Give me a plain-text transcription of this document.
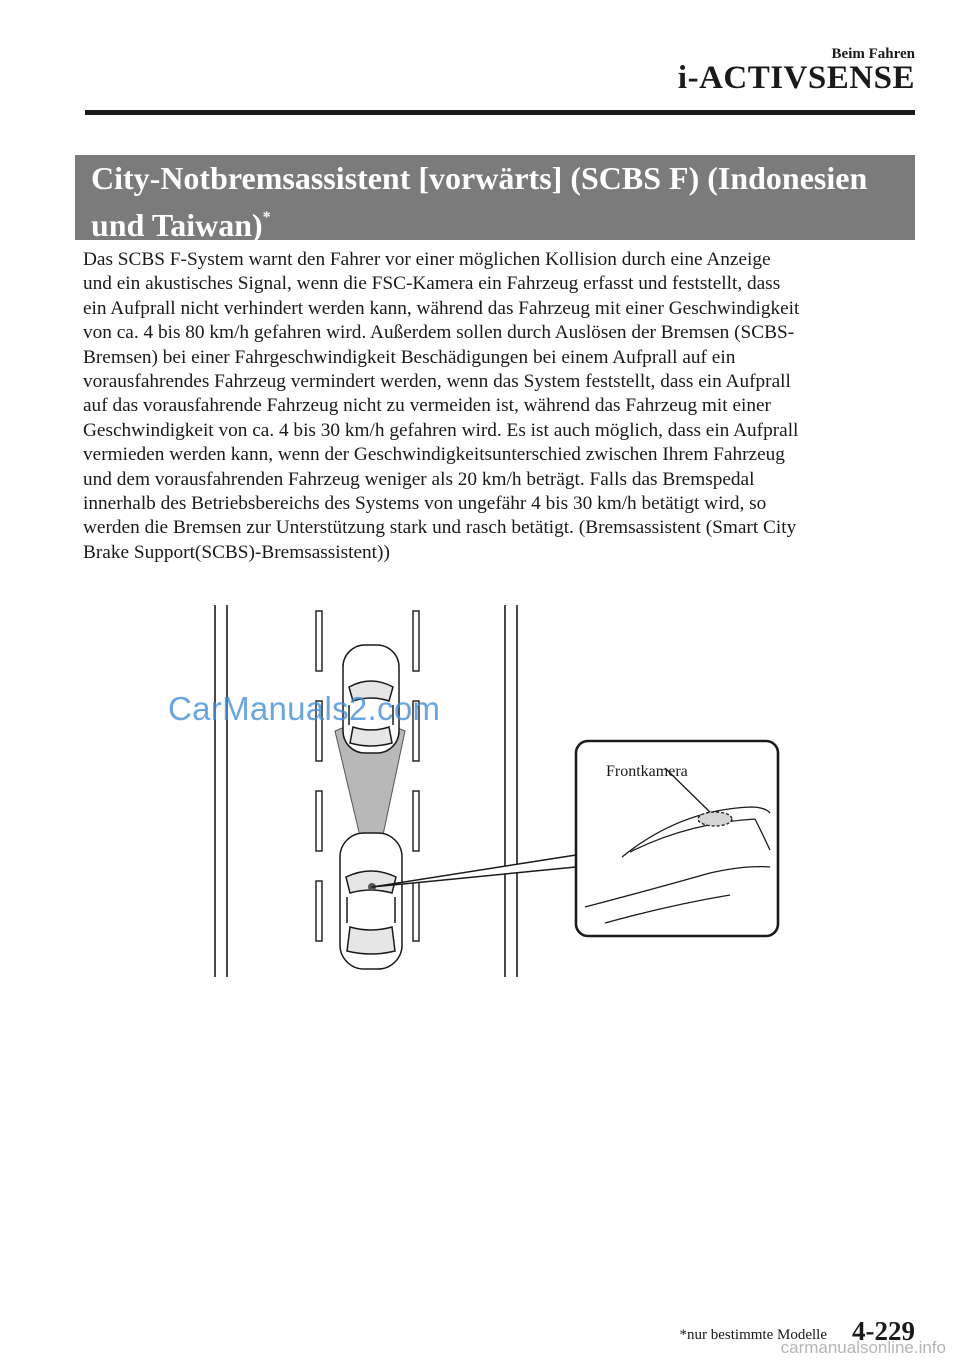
Beim Fahren
i-ACTIVSENSE
City-Notbremsassistent [vorwärts] (SCBS F) (Indonesien und Taiwan)*
Das SCBS F-System warnt den Fahrer vor einer möglichen Kollision durch eine Anzeige
und ein akustisches Signal, wenn die FSC-Kamera ein Fahrzeug erfasst und feststellt, dass
ein Aufprall nicht verhindert werden kann, während das Fahrzeug mit einer Geschwindigkeit
von ca. 4 bis 80 km/h gefahren wird. Außerdem sollen durch Auslösen der Bremsen (SCBS-
Bremsen) bei einer Fahrgeschwindigkeit Beschädigungen bei einem Aufprall auf ein
vorausfahrendes Fahrzeug vermindert werden, wenn das System feststellt, dass ein Aufprall
auf das vorausfahrende Fahrzeug nicht zu vermeiden ist, während das Fahrzeug mit einer
Geschwindigkeit von ca. 4 bis 30 km/h gefahren wird. Es ist auch möglich, dass ein Aufprall
vermieden werden kann, wenn der Geschwindigkeitsunterschied zwischen Ihrem Fahrzeug
und dem vorausfahrenden Fahrzeug weniger als 20 km/h beträgt. Falls das Bremspedal
innerhalb des Betriebsbereichs des Systems von ungefähr 4 bis 30 km/h betätigt wird, so
werden die Bremsen zur Unterstützung stark und rasch betätigt. (Bremsassistent (Smart City
Brake Support(SCBS)-Bremsassistent))
CarManuals2.com
Frontkamera
*nur bestimmte Modelle 4-229
carmanualsonline.info
